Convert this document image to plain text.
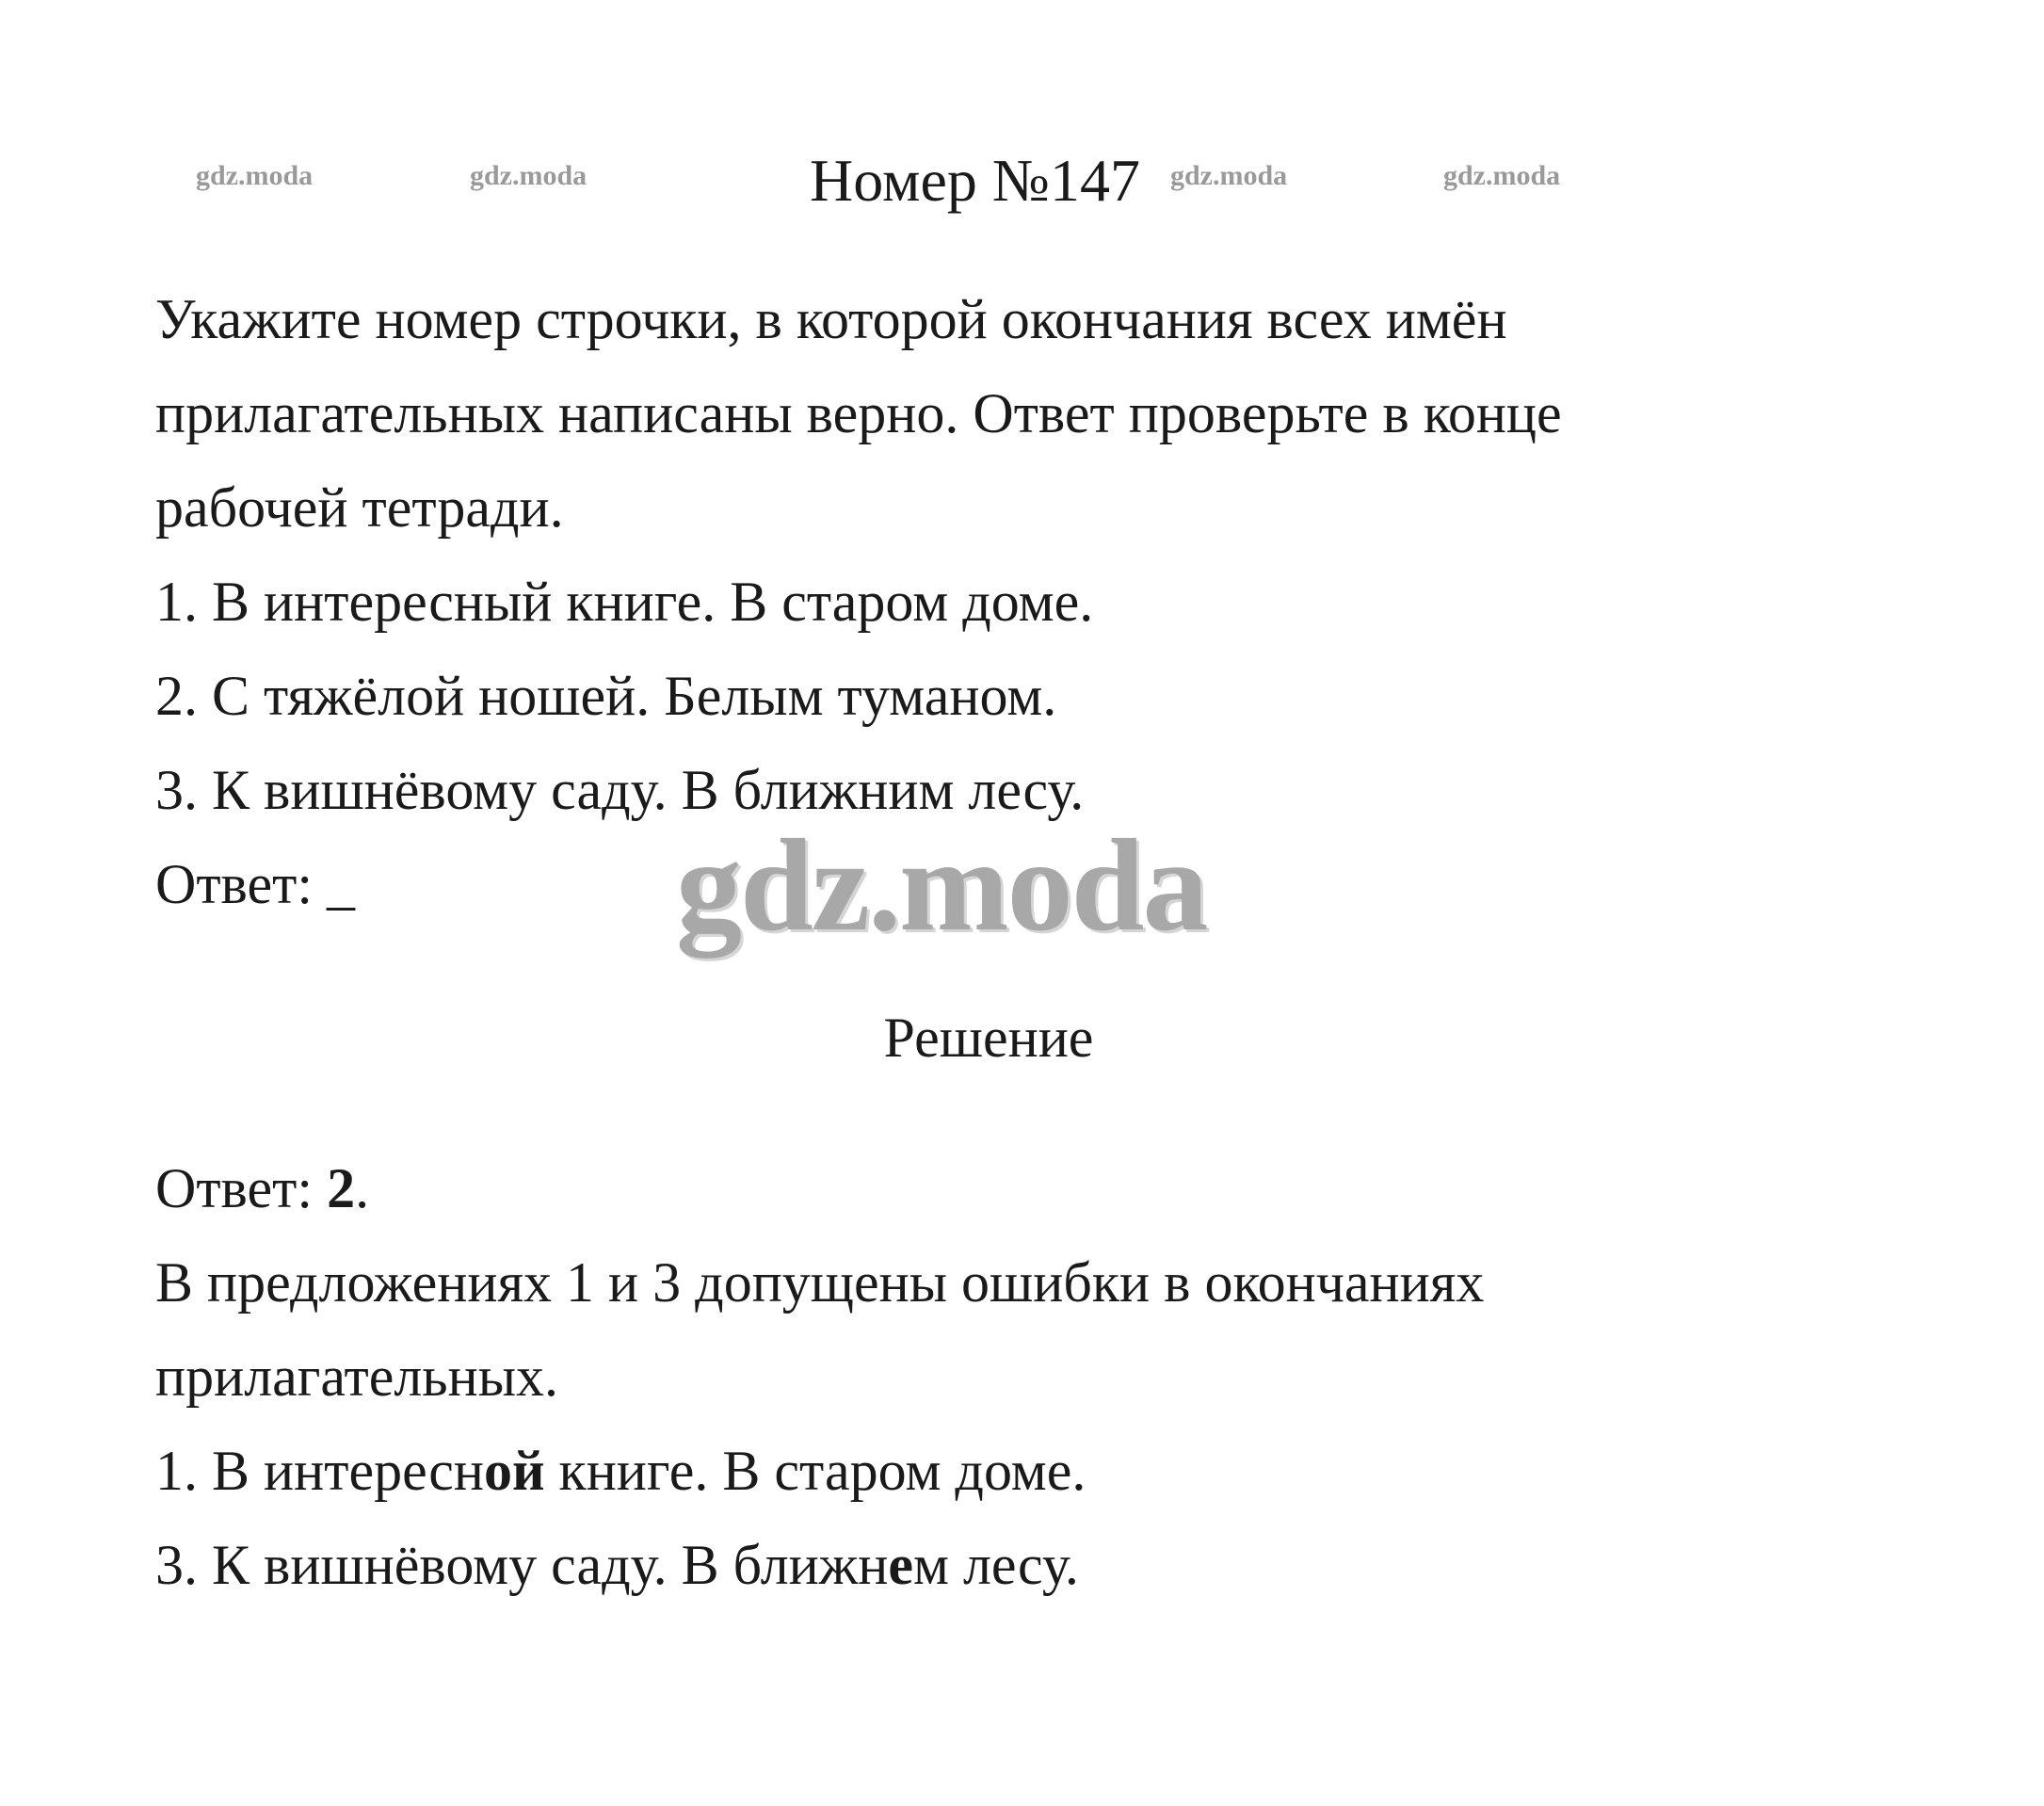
gdz.moda	gdz.moda	gdz.moda	gdz.moda
Номер №147
Укажите номер строчки, в которой окончания всех имён
прилагательных написаны верно. Ответ проверьте в конце
рабочей тетради.
1. В интересный книге. В старом доме.
2. С тяжёлой ношей. Белым туманом.
3. К вишнёвому саду. В ближним лесу.
Ответ: _ gdz.moda
Решение
Ответ: 2.
В предложениях 1 и 3 допущены ошибки в окончаниях
прилагательных.
1. В интересной книге. В старом доме.
3. К вишнёвому саду. В ближнем лесу.
